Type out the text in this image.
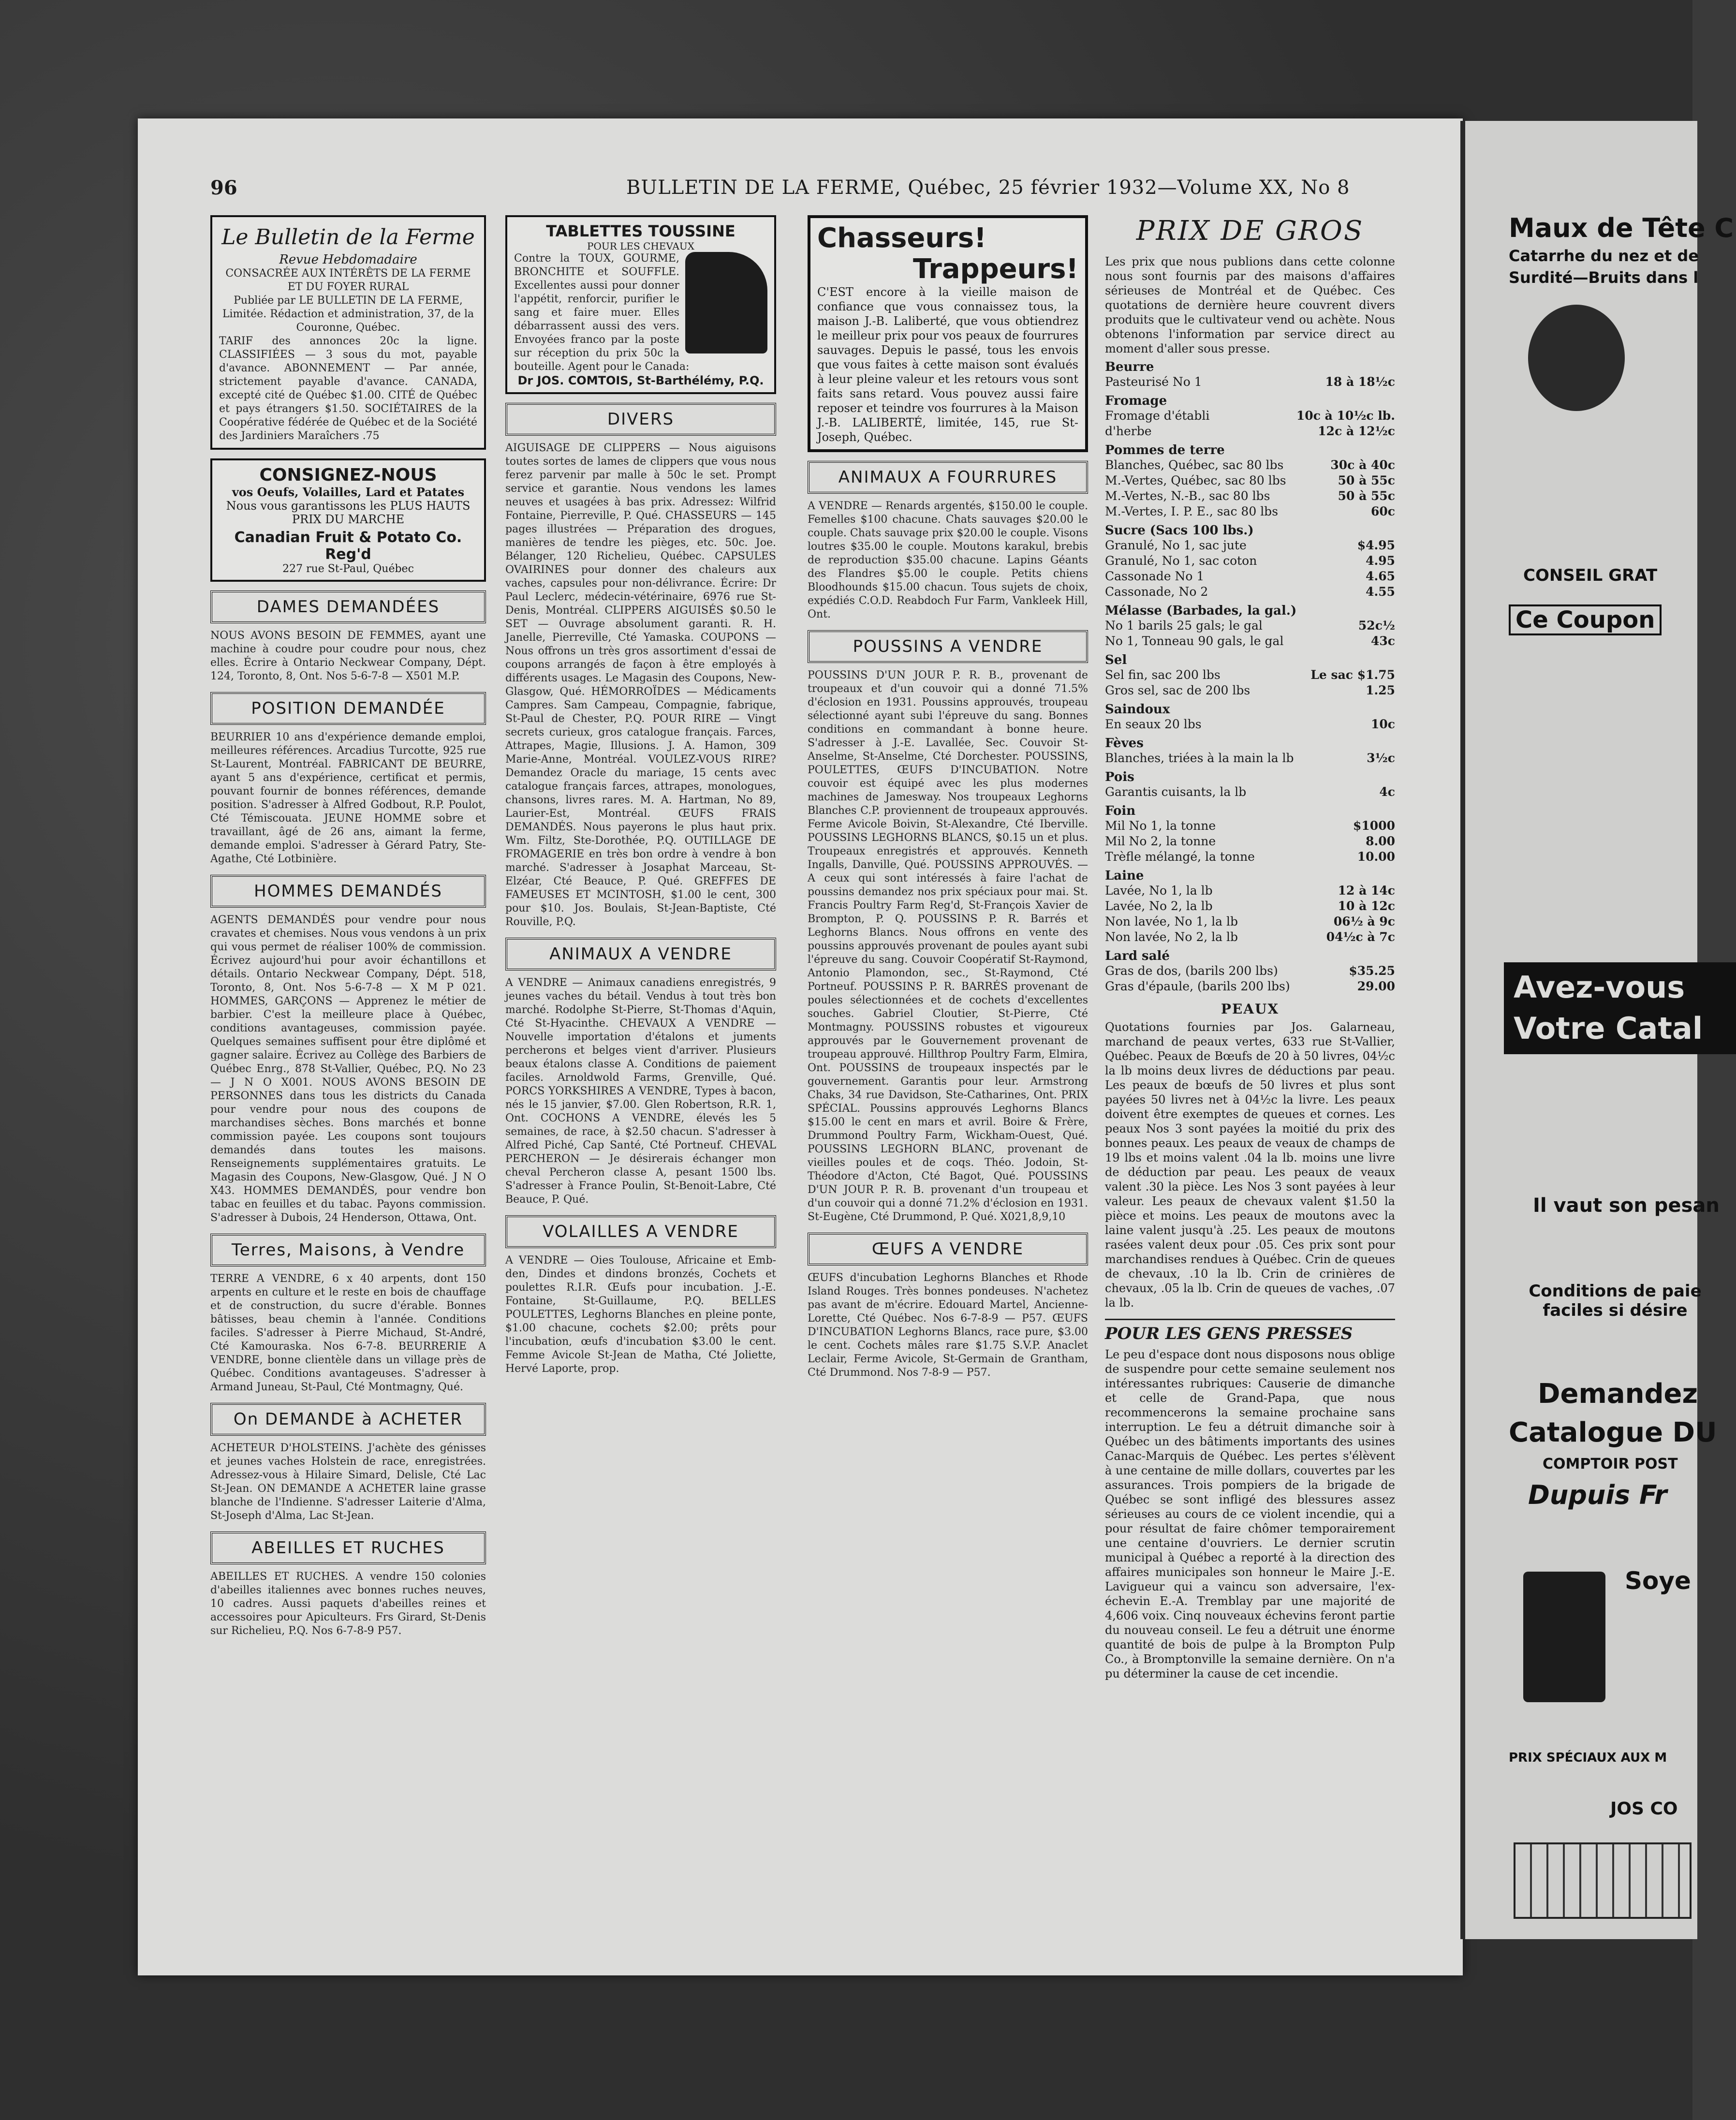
96	BULLETIN DE LA FERME, Québec, 25 février 1932—Volume XX, No 8
Le Bulletin de la Ferme
Revue Hebdomadaire
CONSACRÉE AUX INTÉRÊTS DE LA FERME ET DU FOYER RURAL
Publiée par LE BULLETIN DE LA FERME, Limitée. Rédaction et administration, 37, de la Couronne, Québec.
TARIF des annonces 20c la ligne. CLASSIFIÉES — 3 sous du mot, payable d'avance. ABONNEMENT — Par année, strictement payable d'avance. CANADA, excepté cité de Québec $1.00. CITÉ de Québec et pays étrangers $1.50. SOCIÉTAIRES de la Coopérative fédérée de Québec et de la Société des Jardiniers Maraîchers .75
CONSIGNEZ-NOUS
vos Oeufs, Volailles, Lard et Patates
Nous vous garantissons les PLUS HAUTS PRIX DU MARCHE
Canadian Fruit & Potato Co. Reg'd
227 rue St-Paul, Québec
DAMES DEMANDÉES
NOUS AVONS BESOIN DE FEMMES, ayant une machine à coudre pour coudre pour nous, chez elles. Écrire à Ontario Neckwear Company, Dépt. 124, Toronto, 8, Ont. Nos 5-6-7-8 — X501 M.P.
POSITION DEMANDÉE
BEURRIER 10 ans d'expérience demande emploi, meilleures références. Arcadius Turcotte, 925 rue St-Laurent, Montréal. FABRICANT DE BEURRE, ayant 5 ans d'expérience, certificat et permis, pouvant fournir de bonnes références, demande position. S'adresser à Alfred Godbout, R.P. Poulot, Cté Témiscouata. JEUNE HOMME sobre et travaillant, âgé de 26 ans, aimant la ferme, demande emploi. S'adresser à Gérard Patry, Ste-Agathe, Cté Lotbinière.
HOMMES DEMANDÉS
AGENTS DEMANDÉS pour vendre pour nous cravates et chemises. Nous vous vendons à un prix qui vous permet de réaliser 100% de commission. Écrivez aujourd'hui pour avoir échantillons et détails. Ontario Neckwear Company, Dépt. 518, Toronto, 8, Ont. Nos 5-6-7-8 — X M P 021. HOMMES, GARÇONS — Apprenez le métier de barbier. C'est la meilleure place à Québec, conditions avantageuses, commission payée. Quelques semaines suffisent pour être diplômé et gagner salaire. Écrivez au Collège des Barbiers de Québec Enrg., 878 St-Vallier, Québec, P.Q. No 23 — J N O X001. NOUS AVONS BESOIN DE PERSONNES dans tous les districts du Canada pour vendre pour nous des coupons de marchandises sèches. Bons marchés et bonne commission payée. Les coupons sont toujours demandés dans toutes les maisons. Renseignements supplémentaires gratuits. Le Magasin des Coupons, New-Glasgow, Qué. J N O X43. HOMMES DEMANDÉS, pour vendre bon tabac en feuilles et du tabac. Payons commission. S'adresser à Dubois, 24 Henderson, Ottawa, Ont.
Terres, Maisons, à Vendre
TERRE A VENDRE, 6 x 40 arpents, dont 150 arpents en culture et le reste en bois de chauffage et de construction, du sucre d'érable. Bonnes bâtisses, beau chemin à l'année. Conditions faciles. S'adresser à Pierre Michaud, St-André, Cté Kamouraska. Nos 6-7-8. BEURRERIE A VENDRE, bonne clientèle dans un village près de Québec. Conditions avantageuses. S'adresser à Armand Juneau, St-Paul, Cté Montmagny, Qué.
On DEMANDE à ACHETER
ACHETEUR D'HOLSTEINS. J'achète des génisses et jeunes vaches Holstein de race, enregistrées. Adressez-vous à Hilaire Simard, Delisle, Cté Lac St-Jean. ON DEMANDE A ACHETER laine grasse blanche de l'Indienne. S'adresser Laiterie d'Alma, St-Joseph d'Alma, Lac St-Jean.
ABEILLES ET RUCHES
ABEILLES ET RUCHES. A vendre 150 colonies d'abeilles italiennes avec bonnes ruches neuves, 10 cadres. Aussi paquets d'abeilles reines et accessoires pour Apiculteurs. Frs Girard, St-Denis sur Richelieu, P.Q. Nos 6-7-8-9 P57.
TABLETTES TOUSSINE
POUR LES CHEVAUX
Contre la TOUX, GOURME, BRONCHITE et SOUFFLE. Excellentes aussi pour donner l'appétit, renforcir, purifier le sang et faire muer. Elles débarrassent aussi des vers. Envoyées franco par la poste sur réception du prix 50c la bouteille. Agent pour le Canada:
Dr JOS. COMTOIS, St-Barthélémy, P.Q.
DIVERS
AIGUISAGE DE CLIPPERS — Nous aiguisons toutes sortes de lames de clippers que vous nous ferez parvenir par malle à 50c le set. Prompt service et garantie. Nous vendons les lames neuves et usagées à bas prix. Adressez: Wilfrid Fontaine, Pierreville, P. Qué. CHASSEURS — 145 pages illustrées — Préparation des drogues, manières de tendre les pièges, etc. 50c. Joe. Bélanger, 120 Richelieu, Québec. CAPSULES OVAIRINES pour donner des chaleurs aux vaches, capsules pour non-délivrance. Écrire: Dr Paul Leclerc, médecin-vétérinaire, 6976 rue St-Denis, Montréal. CLIPPERS AIGUISÉS $0.50 le SET — Ouvrage absolument garanti. R. H. Janelle, Pierreville, Cté Yamaska. COUPONS — Nous offrons un très gros assortiment d'essai de coupons arrangés de façon à être employés à différents usages. Le Magasin des Coupons, New-Glasgow, Qué. HÉMORROÏDES — Médicaments Campres. Sam Campeau, Compagnie, fabrique, St-Paul de Chester, P.Q. POUR RIRE — Vingt secrets curieux, gros catalogue français. Farces, Attrapes, Magie, Illusions. J. A. Hamon, 309 Marie-Anne, Montréal. VOULEZ-VOUS RIRE? Demandez Oracle du mariage, 15 cents avec catalogue français farces, attrapes, monologues, chansons, livres rares. M. A. Hartman, No 89, Laurier-Est, Montréal. ŒUFS FRAIS DEMANDÉS. Nous payerons le plus haut prix. Wm. Filtz, Ste-Dorothée, P.Q. OUTILLAGE DE FROMAGERIE en très bon ordre à vendre à bon marché. S'adresser à Josaphat Marceau, St-Elzéar, Cté Beauce, P. Qué. GREFFES DE FAMEUSES ET MCINTOSH, $1.00 le cent, 300 pour $10. Jos. Boulais, St-Jean-Baptiste, Cté Rouville, P.Q.
ANIMAUX A VENDRE
A VENDRE — Animaux canadiens enregistrés, 9 jeunes vaches du bétail. Vendus à tout très bon marché. Rodolphe St-Pierre, St-Thomas d'Aquin, Cté St-Hyacinthe. CHEVAUX A VENDRE — Nouvelle importation d'étalons et juments percherons et belges vient d'arriver. Plusieurs beaux étalons classe A. Conditions de paiement faciles. Arnoldwold Farms, Grenville, Qué. PORCS YORKSHIRES A VENDRE, Types à bacon, nés le 15 janvier, $7.00. Glen Robertson, R.R. 1, Ont. COCHONS A VENDRE, élevés les 5 semaines, de race, à $2.50 chacun. S'adresser à Alfred Piché, Cap Santé, Cté Portneuf. CHEVAL PERCHERON — Je désirerais échanger mon cheval Percheron classe A, pesant 1500 lbs. S'adresser à France Poulin, St-Benoit-Labre, Cté Beauce, P. Qué.
VOLAILLES A VENDRE
A VENDRE — Oies Toulouse, Africaine et Emb-den, Dindes et dindons bronzés, Cochets et poulettes R.I.R. Œufs pour incubation. J.-E. Fontaine, St-Guillaume, P.Q. BELLES POULETTES, Leghorns Blanches en pleine ponte, $1.00 chacune, cochets $2.00; prêts pour l'incubation, œufs d'incubation $3.00 le cent. Femme Avicole St-Jean de Matha, Cté Joliette, Hervé Laporte, prop.
Chasseurs!
Trappeurs!
C'EST encore à la vieille maison de confiance que vous connaissez tous, la maison J.-B. Laliberté, que vous obtiendrez le meilleur prix pour vos peaux de fourrures sauvages. Depuis le passé, tous les envois que vous faites à cette maison sont évalués à leur pleine valeur et les retours vous sont faits sans retard. Vous pouvez aussi faire reposer et teindre vos fourrures à la Maison J.-B. LALIBERTÉ, limitée, 145, rue St-Joseph, Québec.
ANIMAUX A FOURRURES
A VENDRE — Renards argentés, $150.00 le couple. Femelles $100 chacune. Chats sauvages $20.00 le couple. Chats sauvage prix $20.00 le couple. Visons loutres $35.00 le couple. Moutons karakul, brebis de reproduction $35.00 chacune. Lapins Géants des Flandres $5.00 le couple. Petits chiens Bloodhounds $15.00 chacun. Tous sujets de choix, expédiés C.O.D. Reabdoch Fur Farm, Vankleek Hill, Ont.
POUSSINS A VENDRE
POUSSINS D'UN JOUR P. R. B., provenant de troupeaux et d'un couvoir qui a donné 71.5% d'éclosion en 1931. Poussins approuvés, troupeau sélectionné ayant subi l'épreuve du sang. Bonnes conditions en commandant à bonne heure. S'adresser à J.-E. Lavallée, Sec. Couvoir St-Anselme, St-Anselme, Cté Dorchester. POUSSINS, POULETTES, ŒUFS D'INCUBATION. Notre couvoir est équipé avec les plus modernes machines de Jamesway. Nos troupeaux Leghorns Blanches C.P. proviennent de troupeaux approuvés. Ferme Avicole Boivin, St-Alexandre, Cté Iberville. POUSSINS LEGHORNS BLANCS, $0.15 un et plus. Troupeaux enregistrés et approuvés. Kenneth Ingalls, Danville, Qué. POUSSINS APPROUVÉS. — A ceux qui sont intéressés à faire l'achat de poussins demandez nos prix spéciaux pour mai. St. Francis Poultry Farm Reg'd, St-François Xavier de Brompton, P. Q. POUSSINS P. R. Barrés et Leghorns Blancs. Nous offrons en vente des poussins approuvés provenant de poules ayant subi l'épreuve du sang. Couvoir Coopératif St-Raymond, Antonio Plamondon, sec., St-Raymond, Cté Portneuf. POUSSINS P. R. BARRÉS provenant de poules sélectionnées et de cochets d'excellentes souches. Gabriel Cloutier, St-Pierre, Cté Montmagny. POUSSINS robustes et vigoureux approuvés par le Gouvernement provenant de troupeau approuvé. Hillthrop Poultry Farm, Elmira, Ont. POUSSINS de troupeaux inspectés par le gouvernement. Garantis pour leur. Armstrong Chaks, 34 rue Davidson, Ste-Catharines, Ont. PRIX SPÉCIAL. Poussins approuvés Leghorns Blancs $15.00 le cent en mars et avril. Boire & Frère, Drummond Poultry Farm, Wickham-Ouest, Qué. POUSSINS LEGHORN BLANC, provenant de vieilles poules et de coqs. Théo. Jodoin, St-Théodore d'Acton, Cté Bagot, Qué. POUSSINS D'UN JOUR P. R. B. provenant d'un troupeau et d'un couvoir qui a donné 71.2% d'éclosion en 1931. St-Eugène, Cté Drummond, P. Qué. X021,8,9,10
ŒUFS A VENDRE
ŒUFS d'incubation Leghorns Blanches et Rhode Island Rouges. Très bonnes pondeuses. N'achetez pas avant de m'écrire. Edouard Martel, Ancienne-Lorette, Cté Québec. Nos 6-7-8-9 — P57. ŒUFS D'INCUBATION Leghorns Blancs, race pure, $3.00 le cent. Cochets mâles rare $1.75 S.V.P. Anaclet Leclair, Ferme Avicole, St-Germain de Grantham, Cté Drummond. Nos 7-8-9 — P57.
PRIX DE GROS
Les prix que nous publions dans cette colonne nous sont fournis par des maisons d'affaires sérieuses de Montréal et de Québec. Ces quotations de dernière heure couvrent divers produits que le cultivateur vend ou achète. Nous obtenons l'information par service direct au moment d'aller sous presse.
Beurre
Pasteurisé No 1	18 à 18½c
Fromage
Fromage d'établi	10c à 10½c lb.
d'herbe	12c à 12½c
Pommes de terre
Blanches, Québec, sac 80 lbs	30c à 40c
M.-Vertes, Québec, sac 80 lbs	50 à 55c
M.-Vertes, N.-B., sac 80 lbs	50 à 55c
M.-Vertes, I. P. E., sac 80 lbs	60c
Sucre (Sacs 100 lbs.)
Granulé, No 1, sac jute	$4.95
Granulé, No 1, sac coton	4.95
Cassonade No 1	4.65
Cassonade, No 2	4.55
Mélasse (Barbades, la gal.)
No 1 barils 25 gals; le gal	52c½
No 1, Tonneau 90 gals, le gal	43c
Sel
Sel fin, sac 200 lbs	Le sac $1.75
Gros sel, sac de 200 lbs	1.25
Saindoux
En seaux 20 lbs	10c
Fèves
Blanches, triées à la main la lb	3½c
Pois
Garantis cuisants, la lb	4c
Foin
Mil No 1, la tonne	$1000
Mil No 2, la tonne	8.00
Trèfle mélangé, la tonne	10.00
Laine
Lavée, No 1, la lb	12 à 14c
Lavée, No 2, la lb	10 à 12c
Non lavée, No 1, la lb	06½ à 9c
Non lavée, No 2, la lb	04½c à 7c
Lard salé
Gras de dos, (barils 200 lbs)	$35.25
Gras d'épaule, (barils 200 lbs)	29.00
PEAUX
Quotations fournies par Jos. Galarneau, marchand de peaux vertes, 633 rue St-Vallier, Québec. Peaux de Bœufs de 20 à 50 livres, 04½c la lb moins deux livres de déductions par peau. Les peaux de bœufs de 50 livres et plus sont payées 50 livres net à 04½c la livre. Les peaux doivent être exemptes de queues et cornes. Les peaux Nos 3 sont payées la moitié du prix des bonnes peaux. Les peaux de veaux de champs de 19 lbs et moins valent .04 la lb. moins une livre de déduction par peau. Les peaux de veaux valent .30 la pièce. Les Nos 3 sont payées à leur valeur. Les peaux de chevaux valent $1.50 la pièce et moins. Les peaux de moutons avec la laine valent jusqu'à .25. Les peaux de moutons rasées valent deux pour .05. Ces prix sont pour marchandises rendues à Québec. Crin de queues de chevaux, .10 la lb. Crin de crinières de chevaux, .05 la lb. Crin de queues de vaches, .07 la lb.
POUR LES GENS PRESSES
Le peu d'espace dont nous disposons nous oblige de suspendre pour cette semaine seulement nos intéressantes rubriques: Causerie de dimanche et celle de Grand-Papa, que nous recommencerons la semaine prochaine sans interruption. Le feu a détruit dimanche soir à Québec un des bâtiments importants des usines Canac-Marquis de Québec. Les pertes s'élèvent à une centaine de mille dollars, couvertes par les assurances. Trois pompiers de la brigade de Québec se sont infligé des blessures assez sérieuses au cours de ce violent incendie, qui a pour résultat de faire chômer temporairement une centaine d'ouvriers. Le dernier scrutin municipal à Québec a reporté à la direction des affaires municipales son honneur le Maire J.-E. Lavigueur qui a vaincu son adversaire, l'ex-échevin E.-A. Tremblay par une majorité de 4,606 voix. Cinq nouveaux échevins feront partie du nouveau conseil. Le feu a détruit une énorme quantité de bois de pulpe à la Brompton Pulp Co., à Bromptonville la semaine dernière. On n'a pu déterminer la cause de cet incendie.
Maux de Tête C
Catarrhe du nez et de
Surdité—Bruits dans l
CONSEIL GRAT
Ce Coupon
Avez-vous
Votre Catal
Il vaut son pesan
Conditions de paie faciles si désire
Demandez
Catalogue DU
COMPTOIR POST
Dupuis Fr
Soye
PRIX SPÉCIAUX AUX M
JOS CO
